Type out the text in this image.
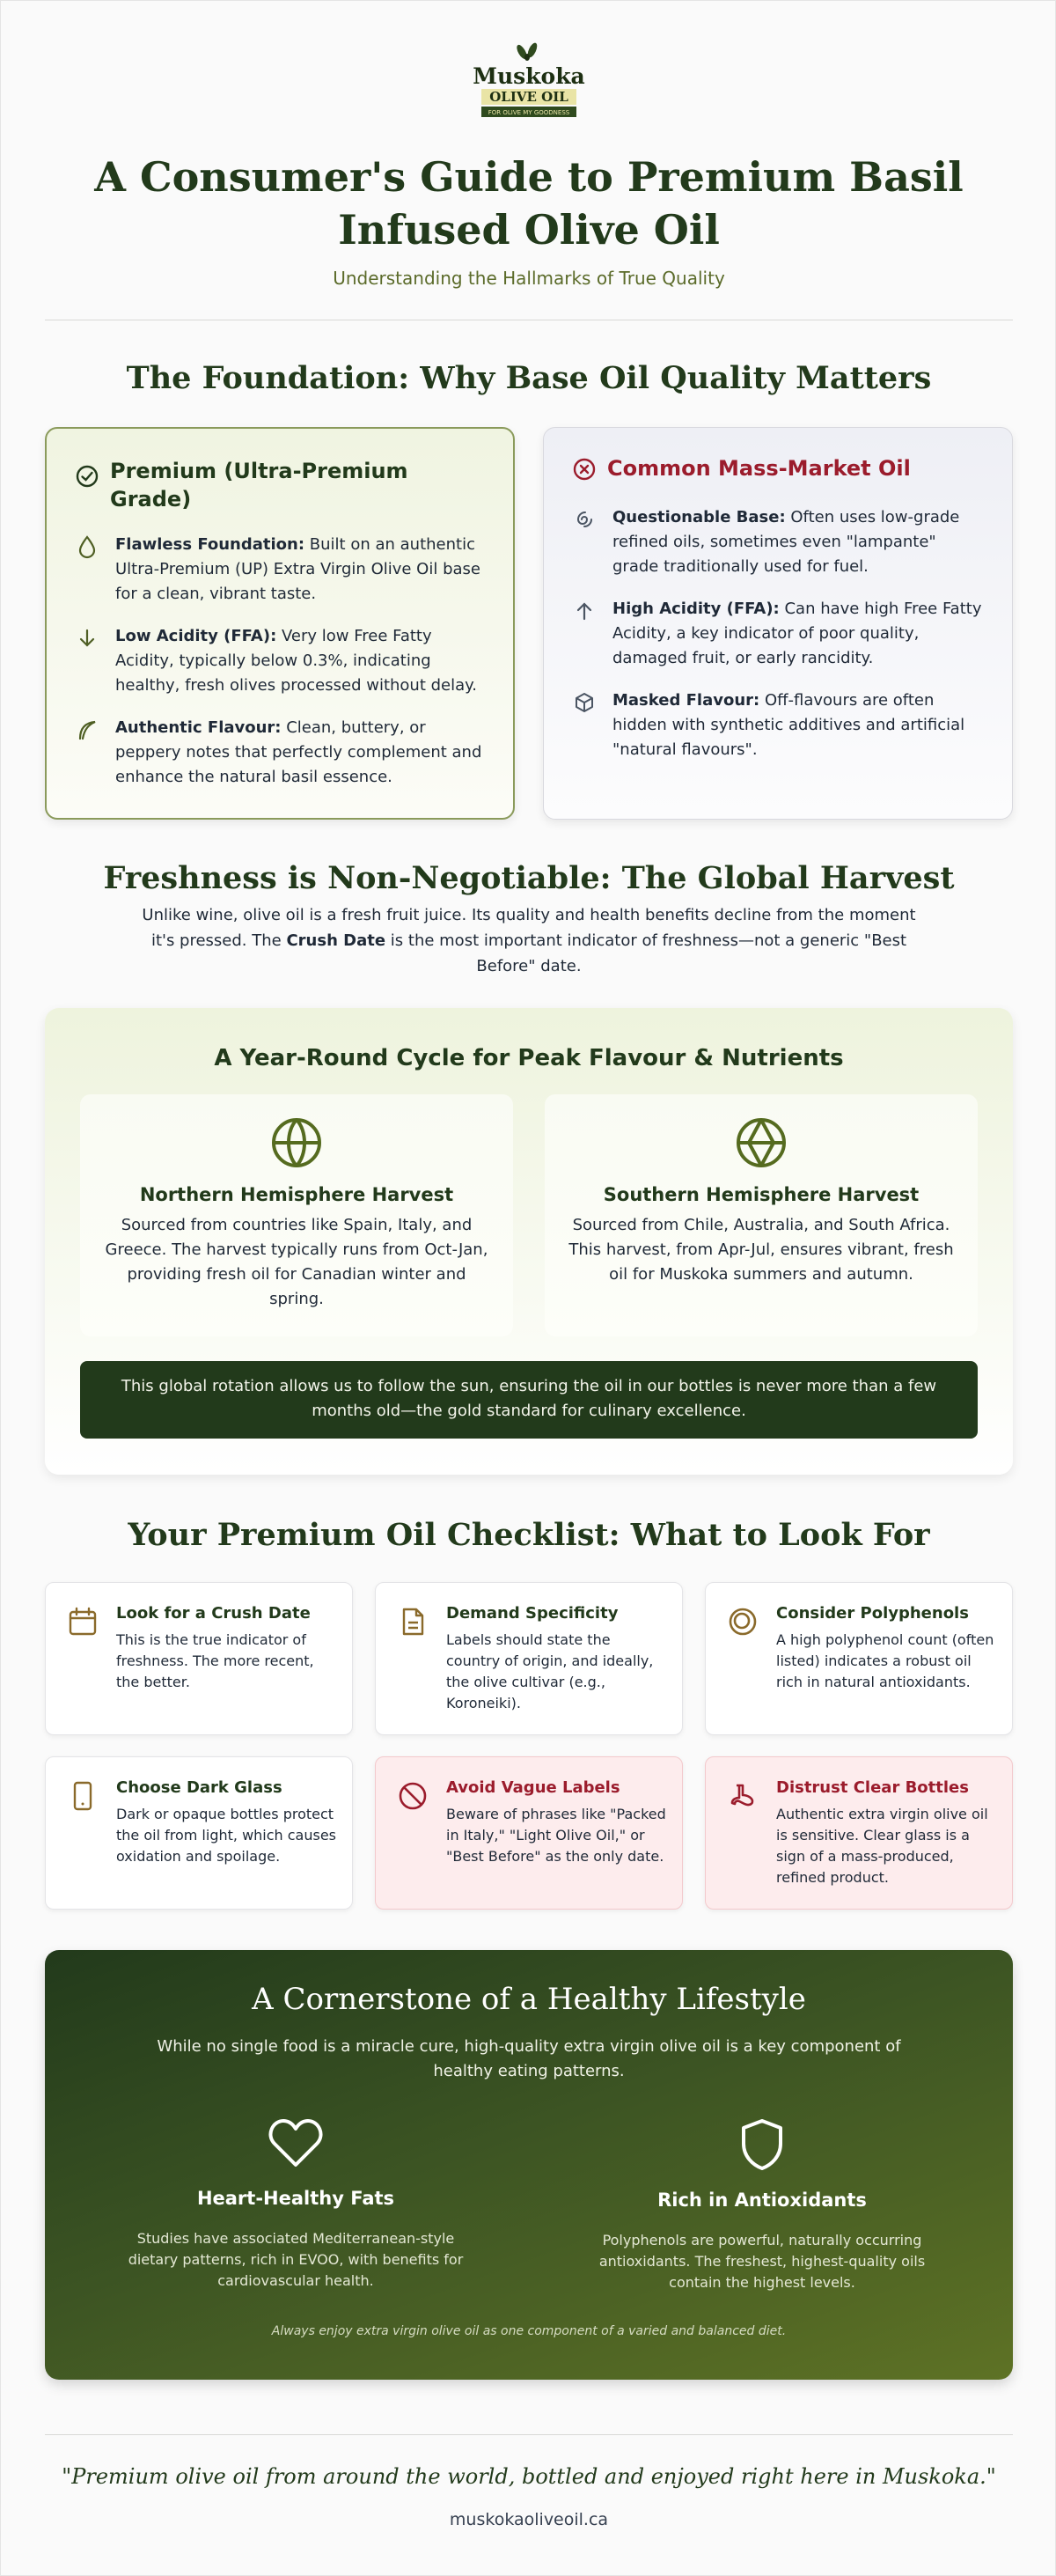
Muskoka
OLIVE OIL
FOR OLIVE MY GOODNESS
A Consumer's Guide to Premium Basil Infused Olive Oil
Understanding the Hallmarks of True Quality
The Foundation: Why Base Oil Quality Matters
Premium (Ultra-Premium Grade)
Flawless Foundation: Built on an authentic Ultra-Premium (UP) Extra Virgin Olive Oil base for a clean, vibrant taste.
Low Acidity (FFA): Very low Free Fatty Acidity, typically below 0.3%, indicating healthy, fresh olives processed without delay.
Authentic Flavour: Clean, buttery, or peppery notes that perfectly complement and enhance the natural basil essence.
Common Mass-Market Oil
Questionable Base: Often uses low-grade refined oils, sometimes even "lampante" grade traditionally used for fuel.
High Acidity (FFA): Can have high Free Fatty Acidity, a key indicator of poor quality, damaged fruit, or early rancidity.
Masked Flavour: Off-flavours are often hidden with synthetic additives and artificial "natural flavours".
Freshness is Non-Negotiable: The Global Harvest

Unlike wine, olive oil is a fresh fruit juice. Its quality and health benefits decline from the moment it's pressed. The Crush Date is the most important indicator of freshness—not a generic "Best Before" date.

A Year-Round Cycle for Peak Flavour & Nutrients
Northern Hemisphere Harvest
Sourced from countries like Spain, Italy, and Greece. The harvest typically runs from Oct-Jan, providing fresh oil for Canadian winter and spring.
Southern Hemisphere Harvest
Sourced from Chile, Australia, and South Africa. This harvest, from Apr-Jul, ensures vibrant, fresh oil for Muskoka summers and autumn.
This global rotation allows us to follow the sun, ensuring the oil in our bottles is never more than a few months old—the gold standard for culinary excellence.
Your Premium Oil Checklist: What to Look For
Look for a Crush Date
This is the true indicator of freshness. The more recent, the better.
Demand Specificity
Labels should state the country of origin, and ideally, the olive cultivar (e.g., Koroneiki).
Consider Polyphenols
A high polyphenol count (often listed) indicates a robust oil rich in natural antioxidants.
Choose Dark Glass
Dark or opaque bottles protect the oil from light, which causes oxidation and spoilage.
Avoid Vague Labels
Beware of phrases like "Packed in Italy," "Light Olive Oil," or "Best Before" as the only date.
Distrust Clear Bottles
Authentic extra virgin olive oil is sensitive. Clear glass is a sign of a mass-produced, refined product.
A Cornerstone of a Healthy Lifestyle
While no single food is a miracle cure, high-quality extra virgin olive oil is a key component of healthy eating patterns.
Heart-Healthy Fats
Studies have associated Mediterranean-style dietary patterns, rich in EVOO, with benefits for cardiovascular health.
Rich in Antioxidants
Polyphenols are powerful, naturally occurring antioxidants. The freshest, highest-quality oils contain the highest levels.
Always enjoy extra virgin olive oil as one component of a varied and balanced diet.
"Premium olive oil from around the world, bottled and enjoyed right here in Muskoka."
muskokaoliveoil.ca
